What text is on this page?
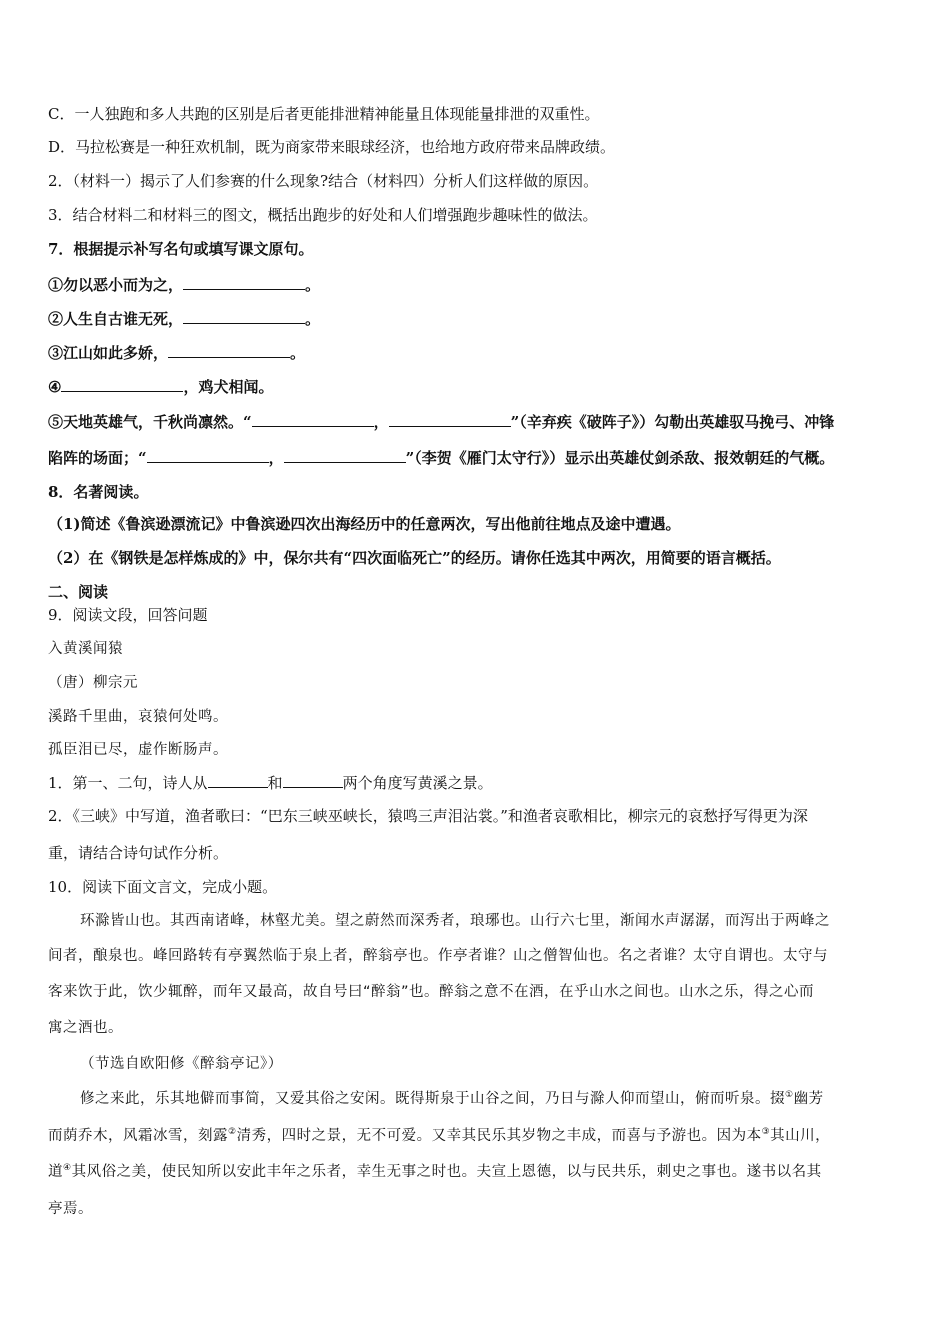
C．一人独跑和多人共跑的区别是后者更能排泄精神能量且体现能量排泄的双重性。
D．马拉松赛是一种狂欢机制，既为商家带来眼球经济，也给地方政府带来品牌政绩。
2．（材料一）揭示了人们参赛的什么现象?结合（材料四）分析人们这样做的原因。
3．结合材料二和材料三的图文，概括出跑步的好处和人们增强跑步趣味性的做法。
7．根据提示补写名句或填写课文原句。
①勿以恶小而为之，	。
②人生自古谁无死，	。
③江山如此多娇，	。
④	，鸡犬相闻。
⑤天地英雄气，千秋尚凛然。“	，	”（辛弃疾《破阵子》）勾勒出英雄驭马挽弓、冲锋
陷阵的场面；“	，	”（李贺《雁门太守行》）显示出英雄仗剑杀敌、报效朝廷的气概。
8．名著阅读。
（1)简述《鲁滨逊漂流记》中鲁滨逊四次出海经历中的任意两次，写出他前往地点及途中遭遇。
（2）在《钢铁是怎样炼成的》中，保尔共有“四次面临死亡”的经历。请你任选其中两次，用简要的语言概括。
二、阅读
9．阅读文段，回答问题
入黄溪闻猿
（唐）柳宗元
溪路千里曲，哀猿何处鸣。
孤臣泪已尽，虚作断肠声。
1．第一、二句，诗人从	和	两个角度写黄溪之景。
2．《三峡》中写道，渔者歌曰：“巴东三峡巫峡长，猿鸣三声泪沾裳。”和渔者哀歌相比，柳宗元的哀愁抒写得更为深
重，请结合诗句试作分析。
10．阅读下面文言文，完成小题。
环滁皆山也。其西南诸峰，林壑尤美。望之蔚然而深秀者，琅琊也。山行六七里，渐闻水声潺潺，而泻出于两峰之
间者，酿泉也。峰回路转有亭翼然临于泉上者，醉翁亭也。作亭者谁？山之僧智仙也。名之者谁？太守自谓也。太守与
客来饮于此，饮少辄醉，而年又最高，故自号曰“醉翁”也。醉翁之意不在酒，在乎山水之间也。山水之乐，得之心而
寓之酒也。
（节选自欧阳修《醉翁亭记》）
修之来此，乐其地僻而事简，又爱其俗之安闲。既得斯泉于山谷之间，乃日与滁人仰而望山，俯而听泉。掇①幽芳
而荫乔木，风霜冰雪，刻露②清秀，四时之景，无不可爱。又幸其民乐其岁物之丰成，而喜与予游也。因为本③其山川，
道④其风俗之美，使民知所以安此丰年之乐者，幸生无事之时也。夫宣上恩德，以与民共乐，刺史之事也。遂书以名其
亭焉。
